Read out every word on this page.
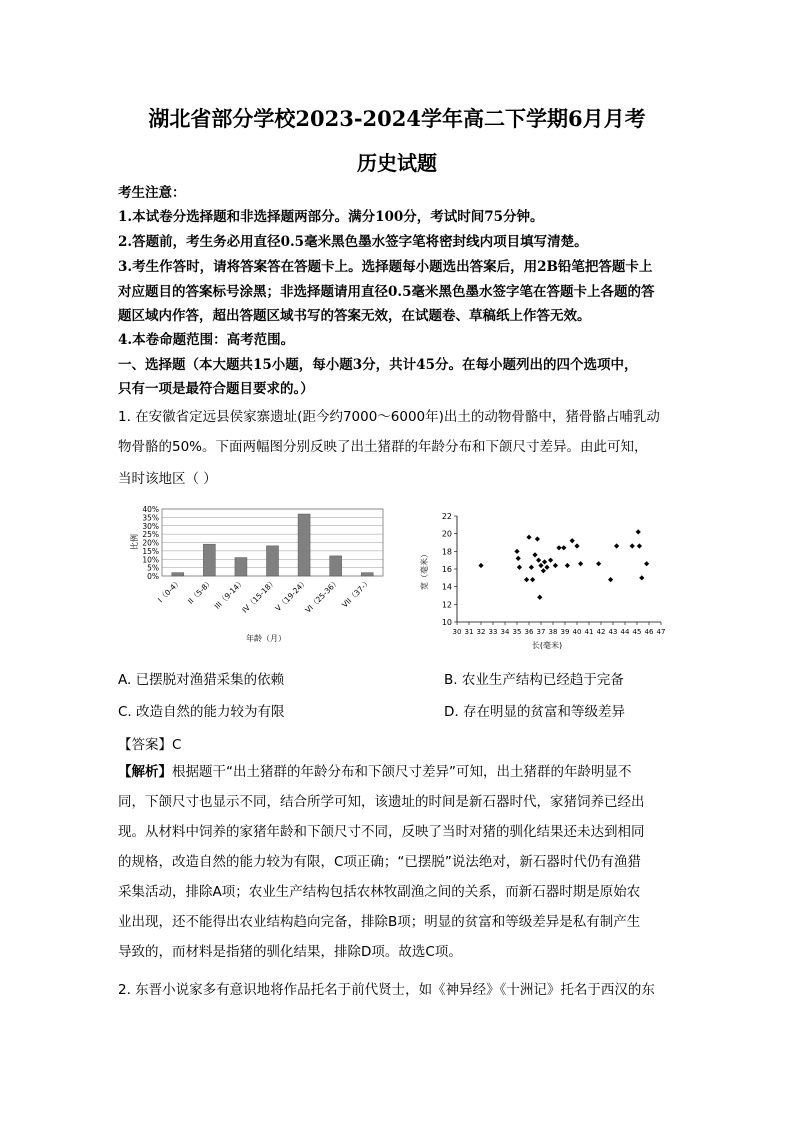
湖北省部分学校2023-2024学年高二下学期6月月考
历史试题
考生注意：
1.本试卷分选择题和非选择题两部分。满分100分，考试时间75分钟。
2.答题前，考生务必用直径0.5毫米黑色墨水签字笔将密封线内项目填写清楚。
3.考生作答时，请将答案答在答题卡上。选择题每小题选出答案后，用2B铅笔把答题卡上
对应题目的答案标号涂黑；非选择题请用直径0.5毫米黑色墨水签字笔在答题卡上各题的答
题区域内作答，超出答题区域书写的答案无效，在试题卷、草稿纸上作答无效。
4.本卷命题范围：高考范围。
一、选择题（本大题共15小题，每小题3分，共计45分。在每小题列出的四个选项中，
只有一项是最符合题目要求的。）
1. 在安徽省定远县侯家寨遗址(距今约7000～6000年)出土的动物骨骼中，猪骨骼占哺乳动
物骨骼的50%。下面两幅图分别反映了出土猪群的年龄分布和下颌尺寸差异。由此可知，
当时该地区（ ）
0%
5%
10%
15%
20%
25%
30%
35%
40%
I（0-4） II（5-8）
III（9-14）
IV（15-18）
V（19-24）
VI（25-36） VII（37-）
比例
年龄（月）
10
12
14
16
18
20
22
30 31 32 33 34 35 36 37 38 39 40 41 42 43 44 45 46 47
宽（毫米）
长(毫米)
A. 已摆脱对渔猎采集的依赖	B. 农业生产结构已经趋于完备
C. 改造自然的能力较为有限	D. 存在明显的贫富和等级差异
【答案】C
【解析】根据题干“出土猪群的年龄分布和下颌尺寸差异”可知，出土猪群的年龄明显不
同，下颌尺寸也显示不同，结合所学可知，该遗址的时间是新石器时代，家猪饲养已经出
现。从材料中饲养的家猪年龄和下颌尺寸不同，反映了当时对猪的驯化结果还未达到相同
的规格，改造自然的能力较为有限，C项正确；“已摆脱”说法绝对，新石器时代仍有渔猎
采集活动，排除A项；农业生产结构包括农林牧副渔之间的关系，而新石器时期是原始农
业出现，还不能得出农业结构趋向完备，排除B项；明显的贫富和等级差异是私有制产生
导致的，而材料是指猪的驯化结果，排除D项。故选C项。
2. 东晋小说家多有意识地将作品托名于前代贤士，如《神异经》《十洲记》托名于西汉的东
